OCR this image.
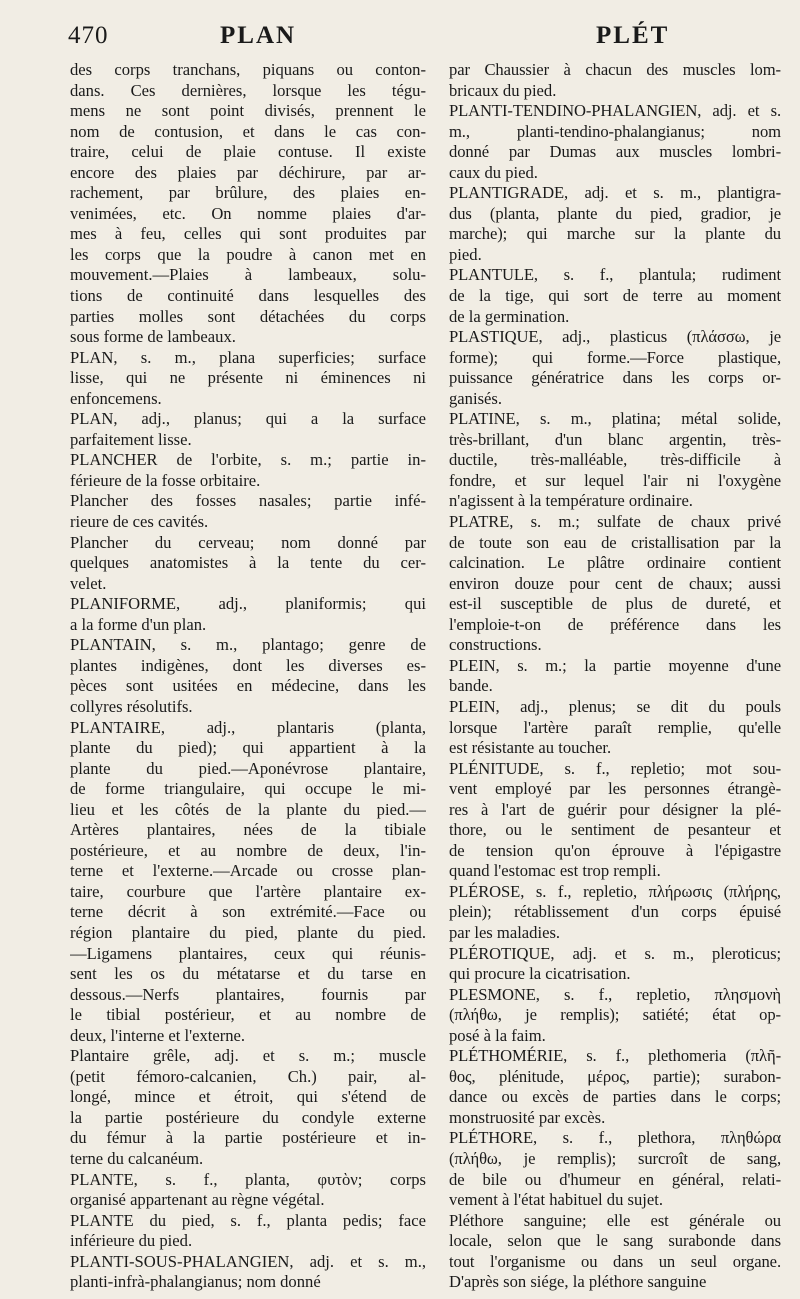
470	PLAN	PLÉT
des corps tranchans, piquans ou conton-
dans. Ces dernières, lorsque les tégu-
mens ne sont point divisés, prennent le
nom de contusion, et dans le cas con-
traire, celui de plaie contuse. Il existe
encore des plaies par déchirure, par ar-
rachement, par brûlure, des plaies en-
venimées, etc. On nomme plaies d'ar-
mes à feu, celles qui sont produites par
les corps que la poudre à canon met en
mouvement.—Plaies à lambeaux, solu-
tions de continuité dans lesquelles des
parties molles sont détachées du corps
sous forme de lambeaux.
PLAN, s. m., plana superficies; surface
lisse, qui ne présente ni éminences ni
enfoncemens.
PLAN, adj., planus; qui a la surface
parfaitement lisse.
PLANCHER de l'orbite, s. m.; partie in-
férieure de la fosse orbitaire.
Plancher des fosses nasales; partie infé-
rieure de ces cavités.
Plancher du cerveau; nom donné par
quelques anatomistes à la tente du cer-
velet.
PLANIFORME, adj., planiformis; qui
a la forme d'un plan.
PLANTAIN, s. m., plantago; genre de
plantes indigènes, dont les diverses es-
pèces sont usitées en médecine, dans les
collyres résolutifs.
PLANTAIRE, adj., plantaris (planta,
plante du pied); qui appartient à la
plante du pied.—Aponévrose plantaire,
de forme triangulaire, qui occupe le mi-
lieu et les côtés de la plante du pied.—
Artères plantaires, nées de la tibiale
postérieure, et au nombre de deux, l'in-
terne et l'externe.—Arcade ou crosse plan-
taire, courbure que l'artère plantaire ex-
terne décrit à son extrémité.—Face ou
région plantaire du pied, plante du pied.
—Ligamens plantaires, ceux qui réunis-
sent les os du métatarse et du tarse en
dessous.—Nerfs plantaires, fournis par
le tibial postérieur, et au nombre de
deux, l'interne et l'externe.
Plantaire grêle, adj. et s. m.; muscle
(petit fémoro-calcanien, Ch.) pair, al-
longé, mince et étroit, qui s'étend de
la partie postérieure du condyle externe
du fémur à la partie postérieure et in-
terne du calcanéum.
PLANTE, s. f., planta, φυτὸν; corps
organisé appartenant au règne végétal.
PLANTE du pied, s. f., planta pedis; face
inférieure du pied.
PLANTI-SOUS-PHALANGIEN, adj. et s. m.,
planti-infrà-phalangianus; nom donné
par Chaussier à chacun des muscles lom-
bricaux du pied.
PLANTI-TENDINO-PHALANGIEN, adj. et s.
m., planti-tendino-phalangianus; nom
donné par Dumas aux muscles lombri-
caux du pied.
PLANTIGRADE, adj. et s. m., plantigra-
dus (planta, plante du pied, gradior, je
marche); qui marche sur la plante du
pied.
PLANTULE, s. f., plantula; rudiment
de la tige, qui sort de terre au moment
de la germination.
PLASTIQUE, adj., plasticus (πλάσσω, je
forme); qui forme.—Force plastique,
puissance génératrice dans les corps or-
ganisés.
PLATINE, s. m., platina; métal solide,
très-brillant, d'un blanc argentin, très-
ductile, très-malléable, très-difficile à
fondre, et sur lequel l'air ni l'oxygène
n'agissent à la température ordinaire.
PLATRE, s. m.; sulfate de chaux privé
de toute son eau de cristallisation par la
calcination. Le plâtre ordinaire contient
environ douze pour cent de chaux; aussi
est-il susceptible de plus de dureté, et
l'emploie-t-on de préférence dans les
constructions.
PLEIN, s. m.; la partie moyenne d'une
bande.
PLEIN, adj., plenus; se dit du pouls
lorsque l'artère paraît remplie, qu'elle
est résistante au toucher.
PLÉNITUDE, s. f., repletio; mot sou-
vent employé par les personnes étrangè-
res à l'art de guérir pour désigner la plé-
thore, ou le sentiment de pesanteur et
de tension qu'on éprouve à l'épigastre
quand l'estomac est trop rempli.
PLÉROSE, s. f., repletio, πλήρωσις (πλήρης,
plein); rétablissement d'un corps épuisé
par les maladies.
PLÉROTIQUE, adj. et s. m., pleroticus;
qui procure la cicatrisation.
PLESMONE, s. f., repletio, πλησμονὴ
(πλήθω, je remplis); satiété; état op-
posé à la faim.
PLÉTHOMÉRIE, s. f., plethomeria (πλῆ-
θος, plénitude, μέρος, partie); surabon-
dance ou excès de parties dans le corps;
monstruosité par excès.
PLÉTHORE, s. f., plethora, πληθώρα
(πλήθω, je remplis); surcroît de sang,
de bile ou d'humeur en général, relati-
vement à l'état habituel du sujet.
Pléthore sanguine; elle est générale ou
locale, selon que le sang surabonde dans
tout l'organisme ou dans un seul organe.
D'après son siége, la pléthore sanguine
